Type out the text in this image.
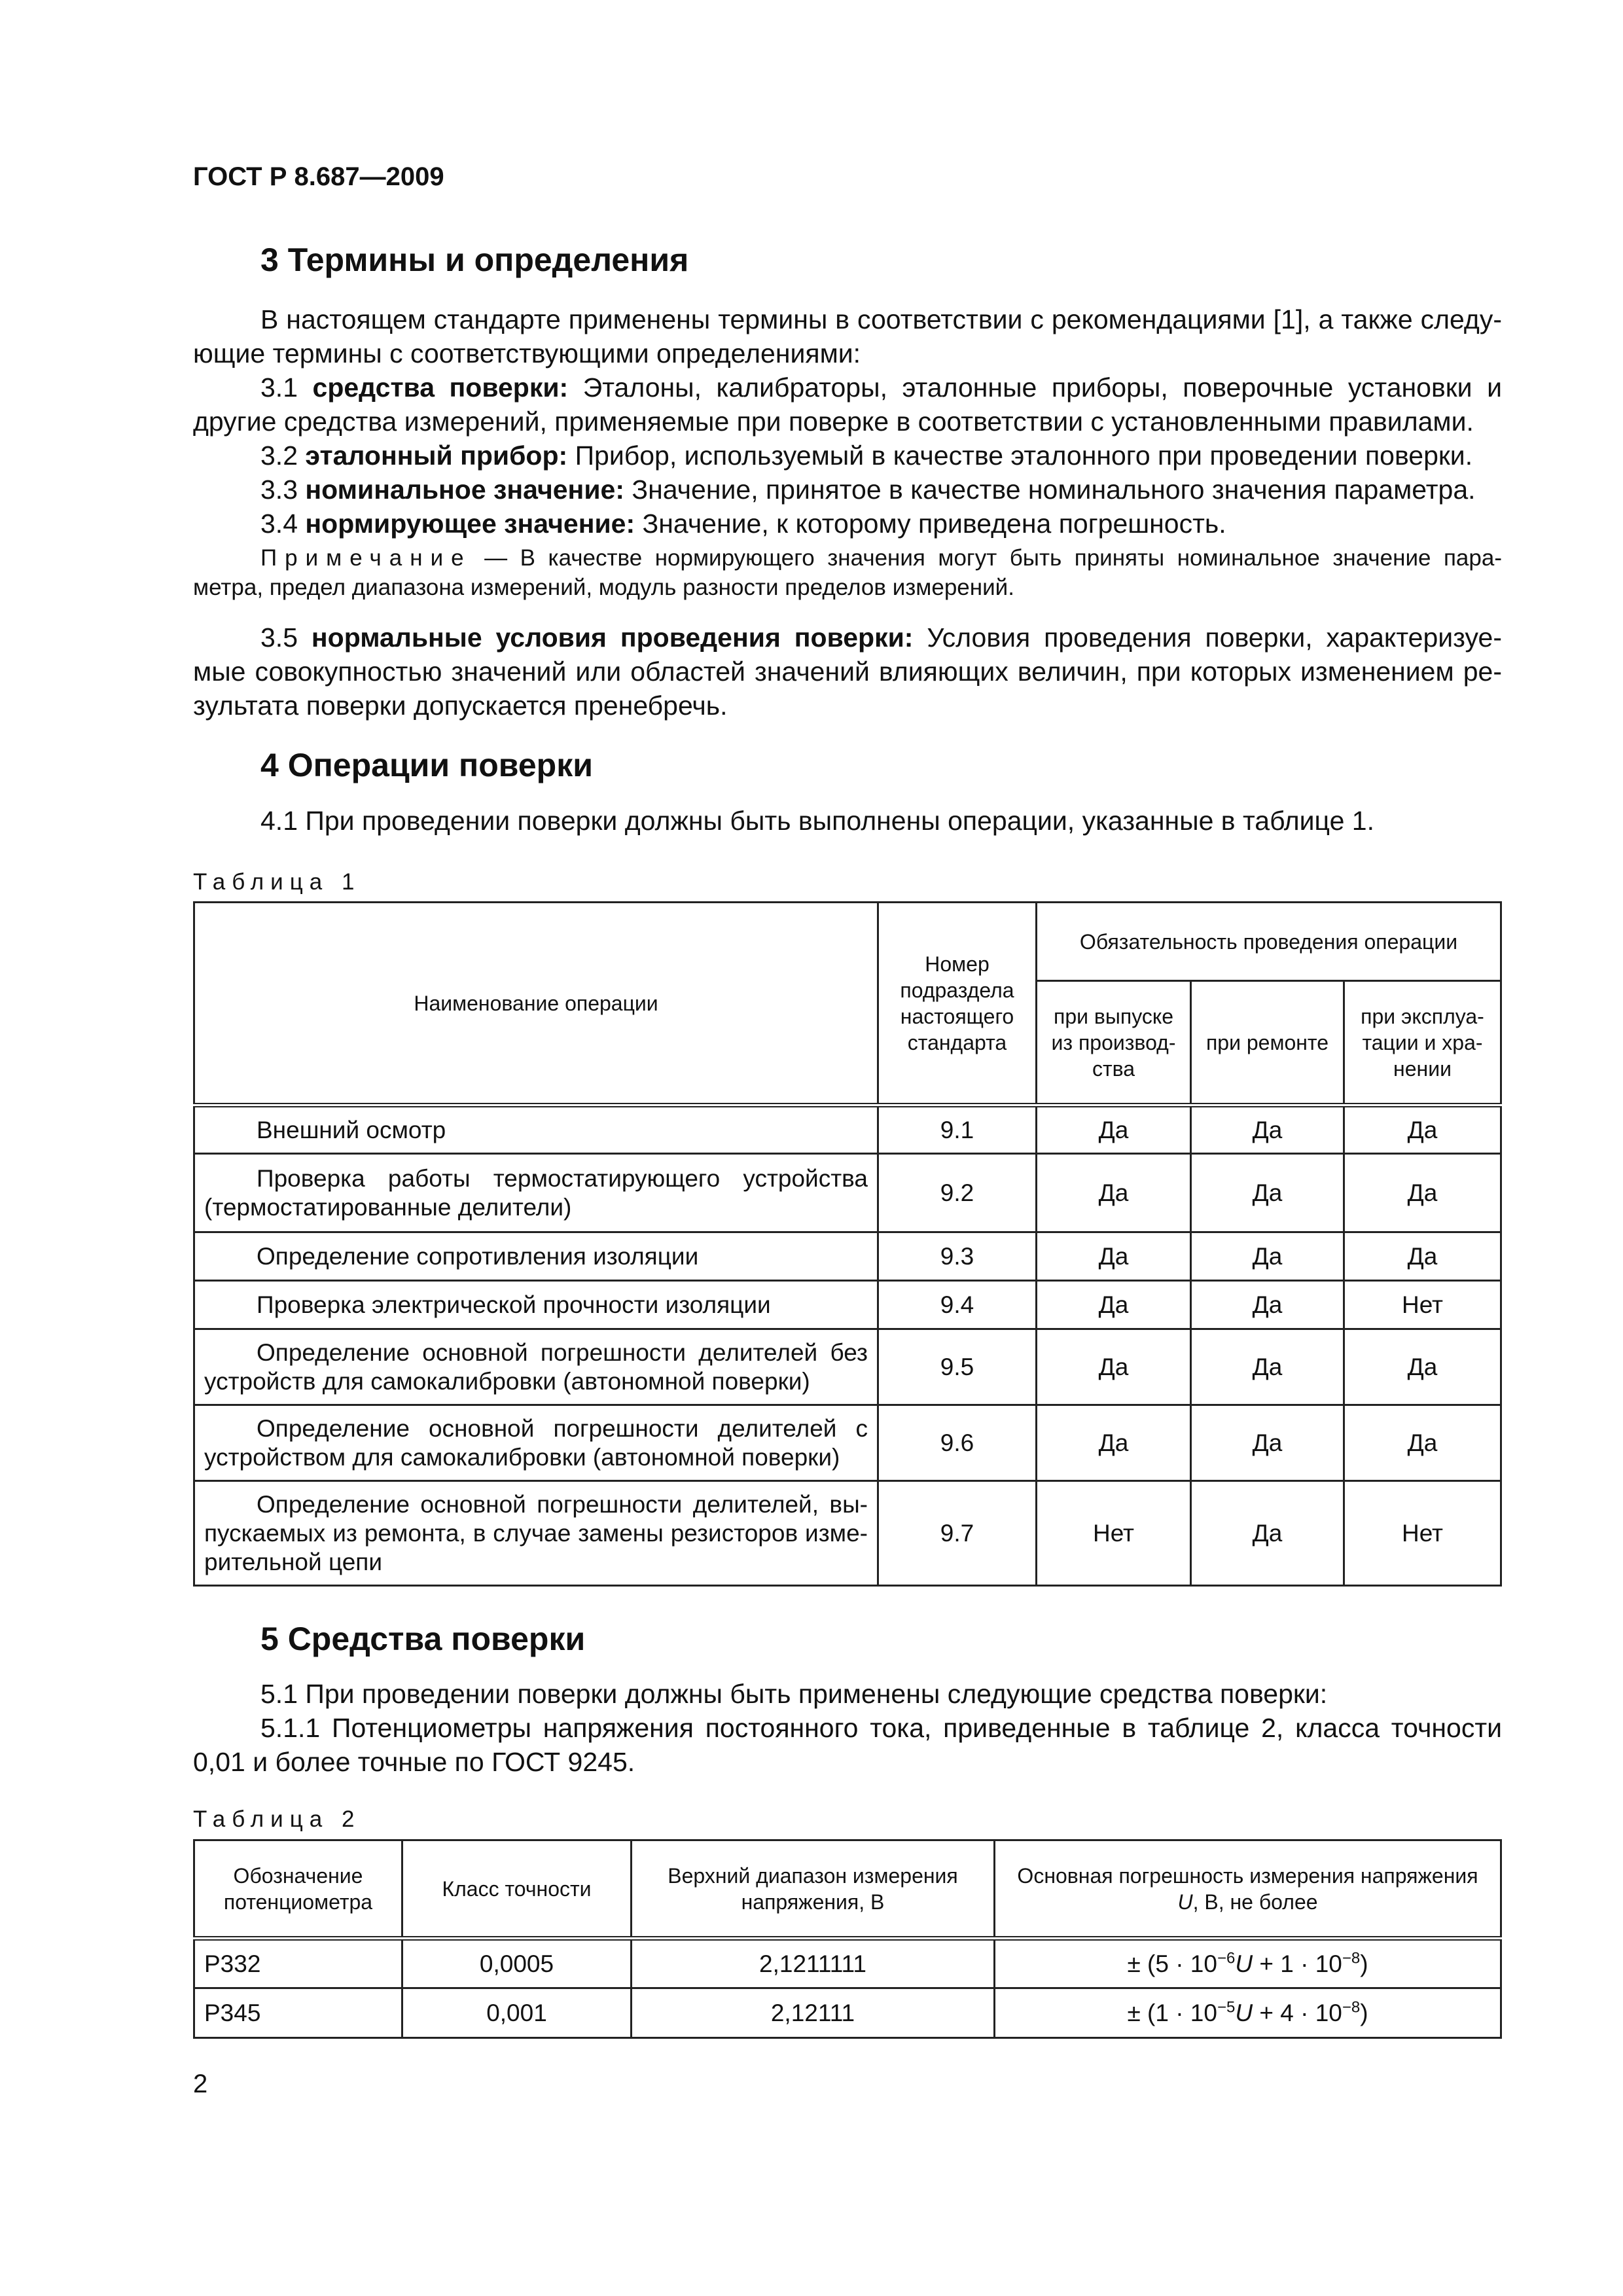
ГОСТ Р 8.687—2009
3 Термины и определения
В настоящем стандарте применены термины в соответствии с рекомендациями [1], а также следу-
ющие термины с соответствующими определениями:
3.1 средства поверки: Эталоны, калибраторы, эталонные приборы, поверочные установки и
другие средства измерений, применяемые при поверке в соответствии с установленными правилами.
3.2 эталонный прибор: Прибор, используемый в качестве эталонного при проведении поверки.
3.3 номинальное значение: Значение, принятое в качестве номинального значения параметра.
3.4 нормирующее значение: Значение, к которому приведена погрешность.
Примечание — В качестве нормирующего значения могут быть приняты номинальное значение пара-
метра, предел диапазона измерений, модуль разности пределов измерений.
3.5 нормальные условия проведения поверки: Условия проведения поверки, характеризуе-
мые совокупностью значений или областей значений влияющих величин, при которых изменением ре-
зультата поверки допускается пренебречь.
4 Операции поверки
4.1 При проведении поверки должны быть выполнены операции, указанные в таблице 1.
Таблица 1
Наименование операции	Номер подраздела настоящего стандарта	Обязательность проведения операции		
		при выпуске из производ-ства	при ремонте	при эксплуа-тации и хра-нении
Внешний осмотр	9.1	Да	Да	Да
Проверка работы термостатирующего устройства (термостатированные делители)	9.2	Да	Да	Да
Определение сопротивления изоляции	9.3	Да	Да	Да
Проверка электрической прочности изоляции	9.4	Да	Да	Нет
Определение основной погрешности делителей без устройств для самокалибровки (автономной поверки)	9.5	Да	Да	Да
Определение основной погрешности делителей с устройством для самокалибровки (автономной поверки)	9.6	Да	Да	Да
Определение основной погрешности делителей, вы-пускаемых из ремонта, в случае замены резисторов изме-рительной цепи	9.7	Нет	Да	Нет
5 Средства поверки
5.1 При проведении поверки должны быть применены следующие средства поверки:
5.1.1 Потенциометры напряжения постоянного тока, приведенные в таблице 2, класса точности
0,01 и более точные по ГОСТ 9245.
Таблица 2
Обозначение потенциометра	Класс точности	Верхний диапазон измерения напряжения, В	Основная погрешность измерения напряжения U, В, не более
Р332	0,0005	2,1211111	± $(5 \cdot 10^{-6}U + 1 \cdot 10^{-8})$
Р345	0,001	2,12111	± $(1 \cdot 10^{-5}U + 4 \cdot 10^{-8})$
2
